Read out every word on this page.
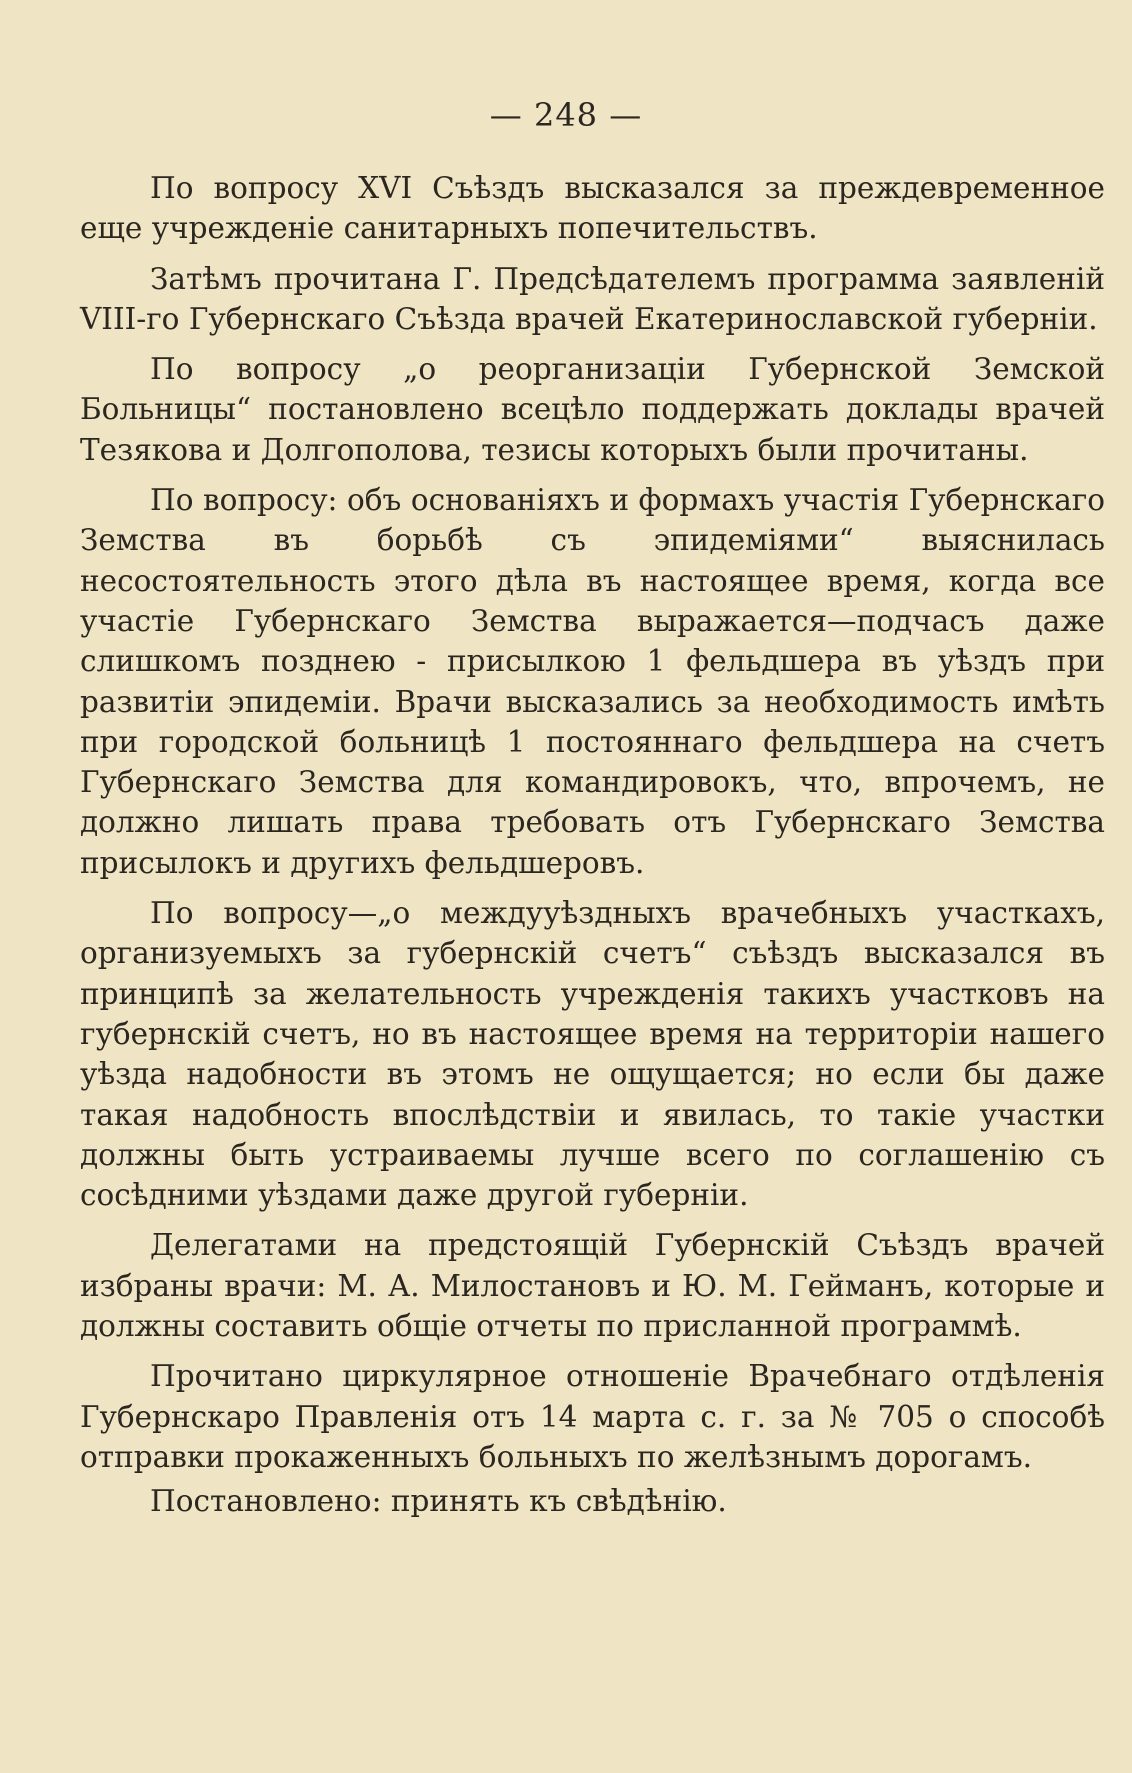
— 248 —

По вопросу XVI Съѣздъ высказался за преждевременное еще учрежденіе санитарныхъ попечительствъ.

Затѣмъ прочитана Г. Предсѣдателемъ программа заявленій VIII-го Губернскаго Съѣзда врачей Екатеринославской губерніи.

По вопросу „о реорганизаціи Губернской Земской Больницы“ постановлено всецѣло поддержать доклады врачей Тезякова и Долгополова, тезисы которыхъ были прочитаны.

По вопросу: объ основаніяхъ и формахъ участія Губернскаго Земства въ борьбѣ съ эпидеміями“ выяснилась несостоятельность этого дѣла въ настоящее время, когда все участіе Губернскаго Земства выражается—подчасъ даже слишкомъ позднею - присылкою 1 фельдшера въ уѣздъ при развитіи эпидеміи. Врачи высказались за необходимость имѣть при городской больницѣ 1 постояннаго фельдшера на счетъ Губернскаго Земства для командировокъ, что, впрочемъ, не должно лишать права требовать отъ Губернскаго Земства присылокъ и другихъ фельдшеровъ.

По вопросу—„о междууѣздныхъ врачебныхъ участкахъ, организуемыхъ за губернскій счетъ“ съѣздъ высказался въ принципѣ за желательность учрежденія такихъ участковъ на губернскій счетъ, но въ настоящее время на территоріи нашего уѣзда надобности въ этомъ не ощущается; но если бы даже такая надобность впослѣдствіи и явилась, то такіе участки должны быть устраиваемы лучше всего по соглашенію съ сосѣдними уѣздами даже другой губерніи.

Делегатами на предстоящій Губернскій Съѣздъ врачей избраны врачи: М. А. Милостановъ и Ю. М. Гейманъ, которые и должны составить общіе отчеты по присланной программѣ.

Прочитано циркулярное отношеніе Врачебнаго отдѣленія Губернскаро Правленія отъ 14 марта с. г. за № 705 о способѣ отправки прокаженныхъ больныхъ по желѣзнымъ дорогамъ.

Постановлено: принять къ свѣдѣнію.
